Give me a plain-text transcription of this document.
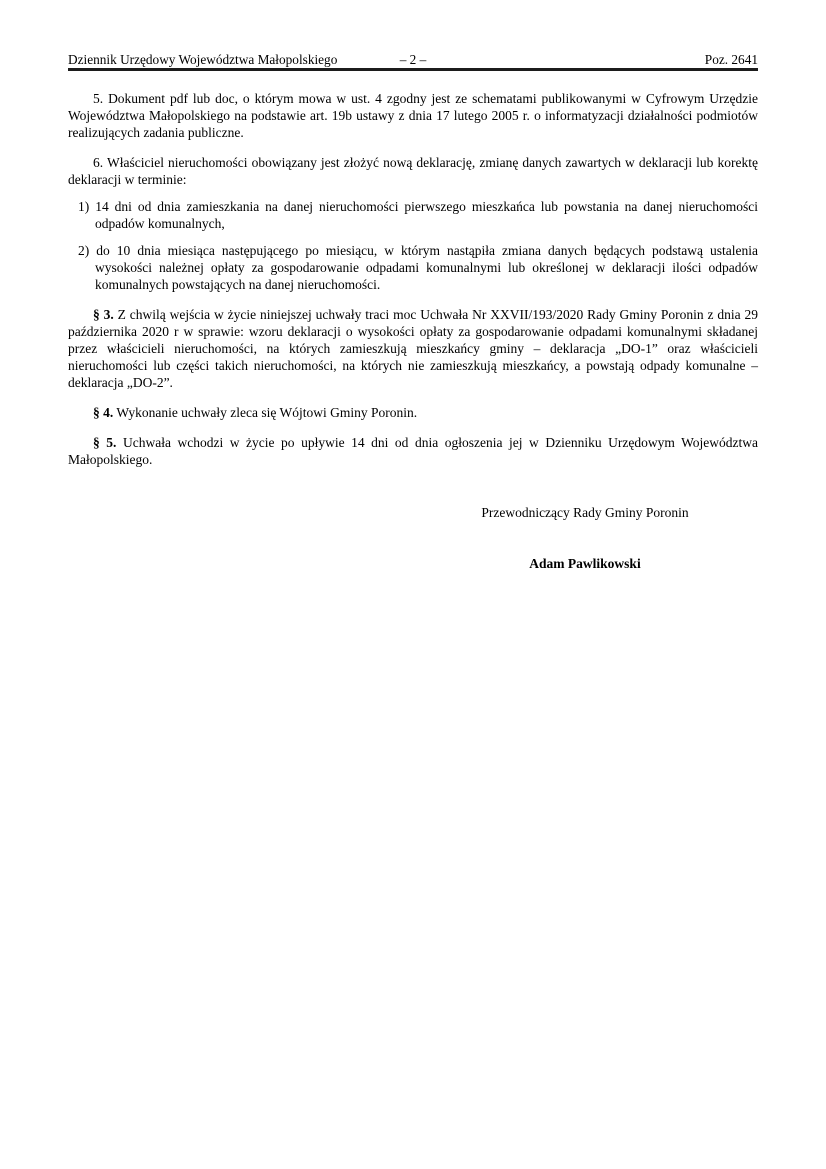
Dziennik Urzędowy Województwa Małopolskiego	– 2 –	Poz. 2641

5. Dokument pdf lub doc, o którym mowa w ust. 4 zgodny jest ze schematami publikowanymi w Cyfrowym Urzędzie Województwa Małopolskiego na podstawie art. 19b ustawy z dnia 17 lutego 2005 r. o informatyzacji działalności podmiotów realizujących zadania publiczne.

6. Właściciel nieruchomości obowiązany jest złożyć nową deklarację, zmianę danych zawartych w deklaracji lub korektę deklaracji w terminie:

1) 14 dni od dnia zamieszkania na danej nieruchomości pierwszego mieszkańca lub powstania na danej nieruchomości odpadów komunalnych,

2) do 10 dnia miesiąca następującego po miesiącu, w którym nastąpiła zmiana danych będących podstawą ustalenia wysokości należnej opłaty za gospodarowanie odpadami komunalnymi lub określonej w deklaracji ilości odpadów komunalnych powstających na danej nieruchomości.

§ 3. Z chwilą wejścia w życie niniejszej uchwały traci moc Uchwała Nr XXVII/193/2020 Rady Gminy Poronin z dnia 29 października 2020 r w sprawie: wzoru deklaracji o wysokości opłaty za gospodarowanie odpadami komunalnymi składanej przez właścicieli nieruchomości, na których zamieszkują mieszkańcy gminy – deklaracja „DO-1” oraz właścicieli nieruchomości lub części takich nieruchomości, na których nie zamieszkują mieszkańcy, a powstają odpady komunalne – deklaracja „DO-2”.

§ 4. Wykonanie uchwały zleca się Wójtowi Gminy Poronin.

§ 5. Uchwała wchodzi w życie po upływie 14 dni od dnia ogłoszenia jej w Dzienniku Urzędowym Województwa Małopolskiego.

Przewodniczący Rady Gminy Poronin
Adam Pawlikowski
